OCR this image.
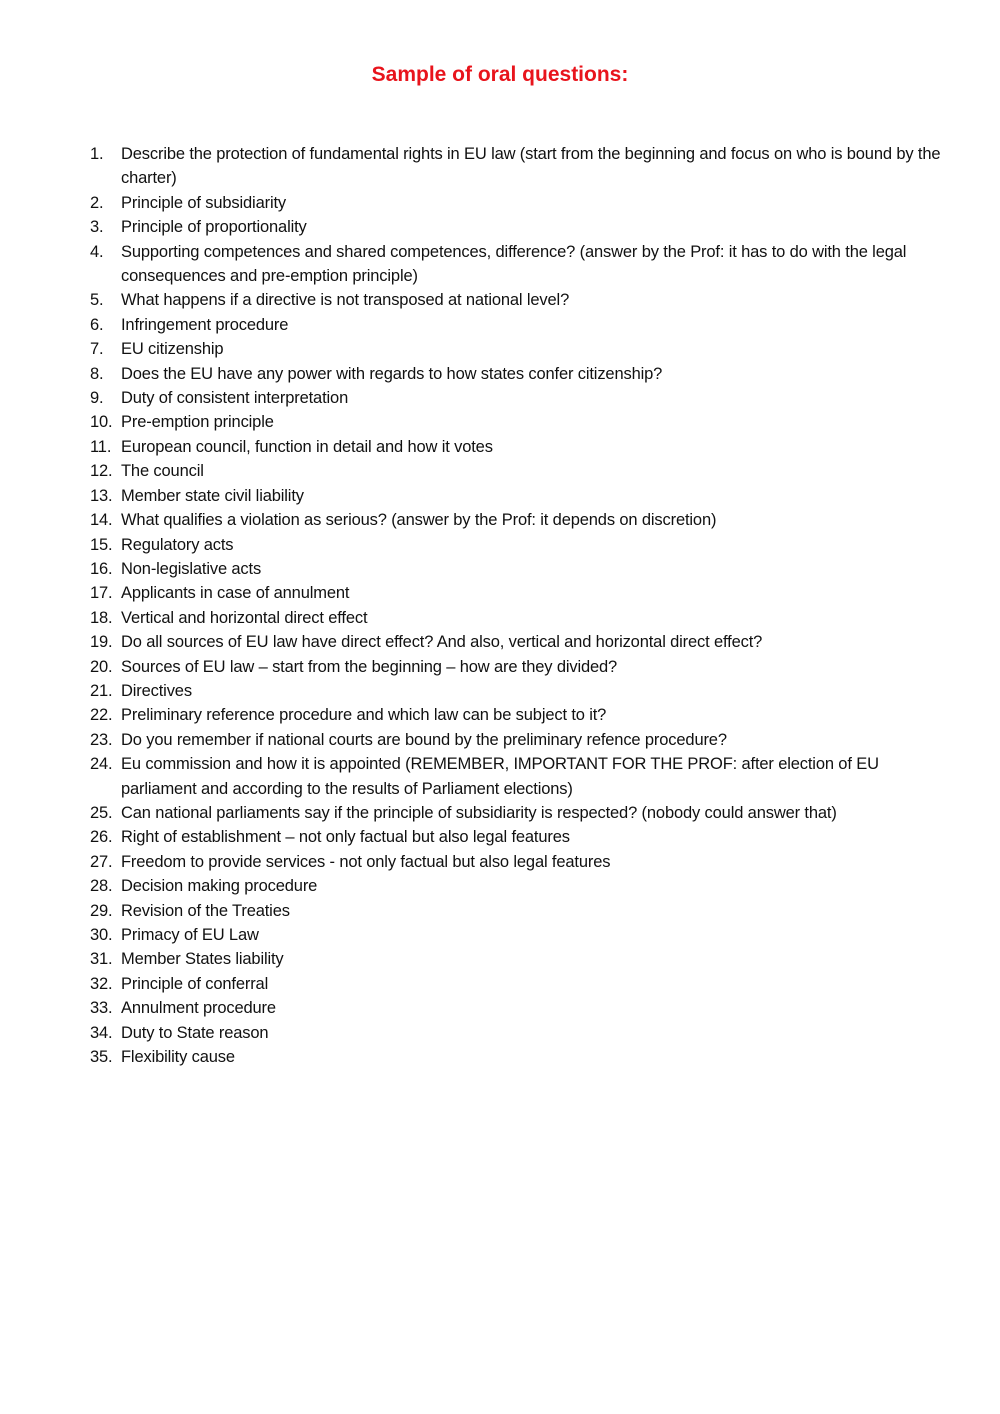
Sample of oral questions:
1.	Describe the protection of fundamental rights in EU law (start from the beginning and focus on who is bound by the charter)
2.	Principle of subsidiarity
3.	Principle of proportionality
4.	Supporting competences and shared competences, difference? (answer by the Prof: it has to do with the legal consequences and pre-emption principle)
5.	What happens if a directive is not transposed at national level?
6.	Infringement procedure
7.	EU citizenship
8.	Does the EU have any power with regards to how states confer citizenship?
9.	Duty of consistent interpretation
10. Pre-emption principle
11. European council, function in detail and how it votes
12. The council
13. Member state civil liability
14. What qualifies a violation as serious? (answer by the Prof: it depends on discretion)
15. Regulatory acts
16. Non-legislative acts
17. Applicants in case of annulment
18. Vertical and horizontal direct effect
19. Do all sources of EU law have direct effect? And also, vertical and horizontal direct effect?
20. Sources of EU law – start from the beginning – how are they divided?
21. Directives
22. Preliminary reference procedure and which law can be subject to it?
23. Do you remember if national courts are bound by the preliminary refence procedure?
24. Eu commission and how it is appointed (REMEMBER, IMPORTANT FOR THE PROF: after election of EU parliament and according to the results of Parliament elections)
25. Can national parliaments say if the principle of subsidiarity is respected? (nobody could answer that)
26. Right of establishment – not only factual but also legal features
27. Freedom to provide services - not only factual but also legal features
28. Decision making procedure
29. Revision of the Treaties
30. Primacy of EU Law
31. Member States liability
32. Principle of conferral
33. Annulment procedure
34. Duty to State reason
35. Flexibility cause
